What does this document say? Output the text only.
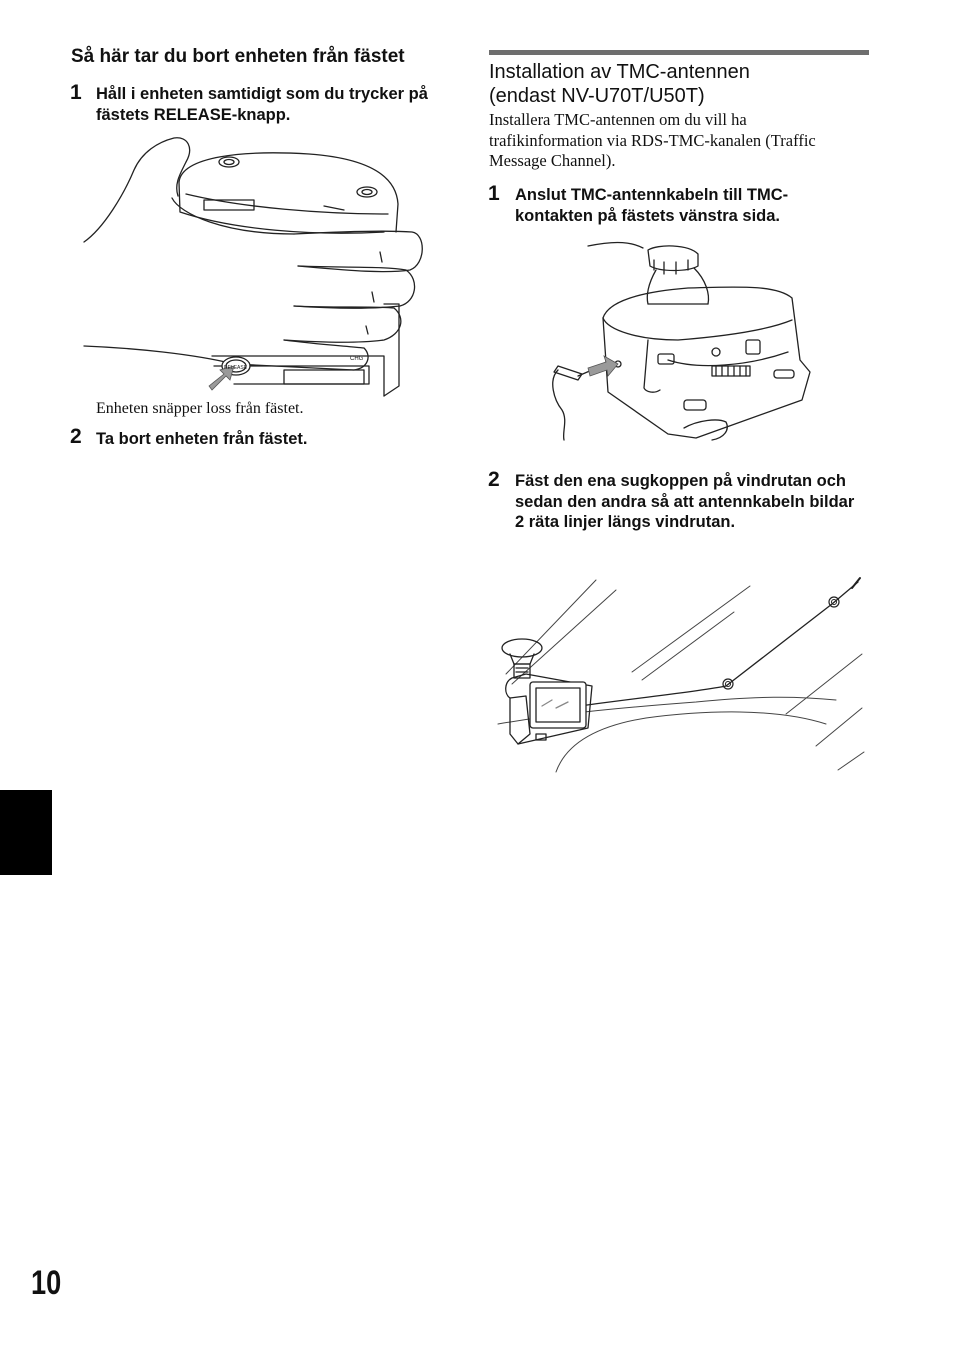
Så här tar du bort enheten från fästet
1 Håll i enheten samtidigt som du trycker på fästets RELEASE-knapp.

RELEASE
CHG

Enheten snäpper loss från fästet.

2 Ta bort enheten från fästet.

Installation av TMC-antennen
(endast NV-U70T/U50T)

Installera TMC-antennen om du vill ha trafikinformation via RDS-TMC-kanalen (Traffic Message Channel).

1 Anslut TMC-antennkabeln till TMC-kontakten på fästets vänstra sida.

2 Fäst den ena sugkoppen på vindrutan och sedan den andra så att antennkabeln bildar 2 räta linjer längs vindrutan.

10
